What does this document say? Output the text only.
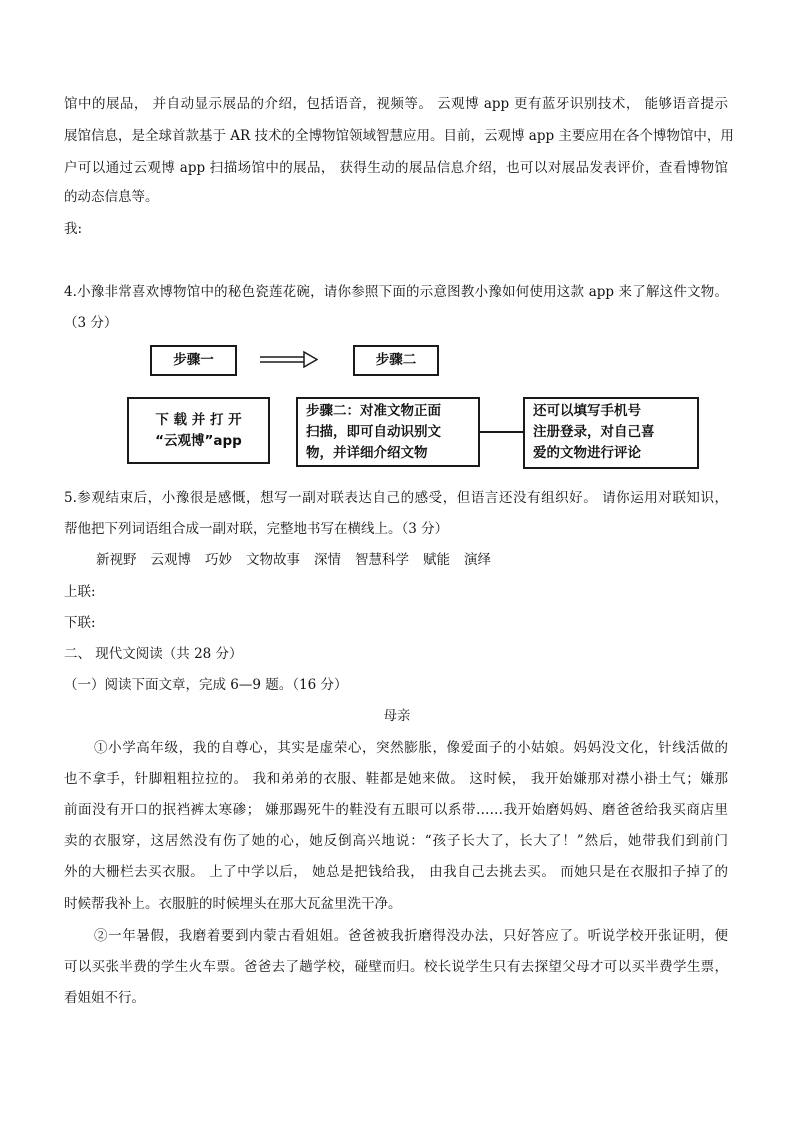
馆中的展品， 并自动显示展品的介绍，包括语音，视频等。 云观博 app 更有蓝牙识别技术， 能够语音提示
展馆信息，是全球首款基于 AR 技术的全博物馆领域智慧应用。目前，云观博 app 主要应用在各个博物馆中，用
户可以通过云观博 app 扫描场馆中的展品， 获得生动的展品信息介绍，也可以对展品发表评价，查看博物馆
的动态信息等。
我:
4.小豫非常喜欢博物馆中的秘色瓷莲花碗，请你参照下面的示意图教小豫如何使用这款 app 来了解这件文物。
（3 分）
步骤一	步骤二
下 载 并 打 开
“云观博”app
步骤二：对准文物正面
扫描，即可自动识别文
物，并详细介绍文物
还可以填写手机号
注册登录，对自己喜
爱的文物进行评论
5.参观结束后，小豫很是感慨，想写一副对联表达自己的感受，但语言还没有组织好。 请你运用对联知识，
帮他把下列词语组合成一副对联，完整地书写在横线上。（3 分）
新视野 云观博 巧妙 文物故事 深情 智慧科学 赋能 演绎
上联:
下联:
二、 现代文阅读（共 28 分）
（一）阅读下面文章，完成 6—9 题。（16 分）
母亲
①小学高年级，我的自尊心，其实是虚荣心，突然膨胀，像爱面子的小姑娘。妈妈没文化，针线活做的
也不拿手，针脚粗粗拉拉的。 我和弟弟的衣服、鞋都是她来做。 这时候， 我开始嫌那对襟小褂土气；嫌那
前面没有开口的抿裆裤太寒碜； 嫌那踢死牛的鞋没有五眼可以系带……我开始磨妈妈、磨爸爸给我买商店里
卖的衣服穿，这居然没有伤了她的心，她反倒高兴地说：“孩子长大了，长大了！”然后，她带我们到前门
外的大栅栏去买衣服。 上了中学以后， 她总是把钱给我， 由我自己去挑去买。 而她只是在衣服扣子掉了的
时候帮我补上。衣服脏的时候埋头在那大瓦盆里洗干净。
②一年暑假，我磨着要到内蒙古看姐姐。爸爸被我折磨得没办法，只好答应了。听说学校开张证明，便
可以买张半费的学生火车票。爸爸去了趟学校，碰壁而归。校长说学生只有去探望父母才可以买半费学生票，
看姐姐不行。
